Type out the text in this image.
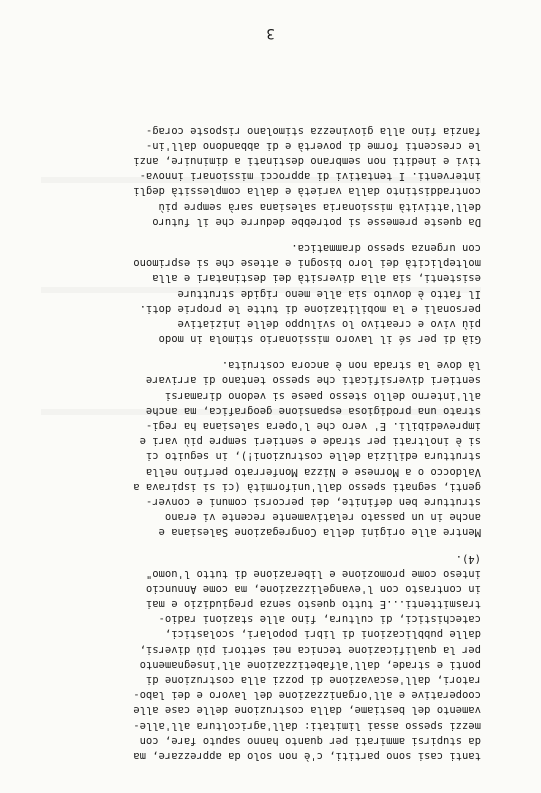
tanti casi sono partiti, c'è non solo da apprezzare, ma
da stupirsi ammirati per quanto hanno saputo fare, con
mezzi spesso assai limitati: dall'agricoltura all'alle-
vamento del bestiame, dalla costruzione delle case alle
cooperative e all'organizzazione del lavoro e dei labo-
ratori, dall'escavazione di pozzi alla costruzione di
ponti e strade, dall'alfabetizzazione all'insegnamento
per la qualificazione tecnica nei settori più diversi,
dalle pubblicazioni di libri popolari, scolastici,
catechistici, di cultura, fino alle stazioni radio-
trasmittenti...E tutto questo senza pregiudizio e mai
in contrasto con l'evangelizzazione, ma come Annuncio
inteso come promozione e liberazione di tutto l'uomo"
(4).
Mentre alle origini della Congregazione Salesiana e
anche in un passato relativamente recente vi erano
strutture ben definite, dei percorsi comuni e conver-
genti, segnati spesso dall'uniformità (ci si ispirava a
Valdocco o a Mornese e Nizza Monferrato perfino nella
struttura edilizia delle costruzioni!), in seguito ci
si è inoltrati per strade e sentieri sempre più vari e
imprevedibili. E' vero che l'opera salesiana ha regi-
strato una prodigiosa espansione geografica, ma anche
all'interno dello stesso paese si vedono diramarsi
sentieri diversificati che spesso tentano di arrivare
là dove la strada non è ancora costruita.
Già di per sé il lavoro missionario stimola in modo
più vivo e creativo lo sviluppo delle iniziative
personali e la mobilitazione di tutte le proprie doti.
Il fatto è dovuto sia alle meno rigide strutture
esistenti, sia alla diversità dei destinatari e alla
molteplicità dei loro bisogni e attese che si esprimono
con urgenza spesso drammatica.
Da queste premesse si potrebbe dedurre che il futuro
dell'attività missionaria salesiana sarà sempre più
contraddistinto dalla varietà e dalla complessità degli
interventi. I tentativi di approcci missionari innova-
tivi e inediti non sembrano destinati a diminuire, anzi
le crescenti forme di povertà e di abbandono dall'in-
fanzia fino alla giovinezza stimolano risposte corag-
3
